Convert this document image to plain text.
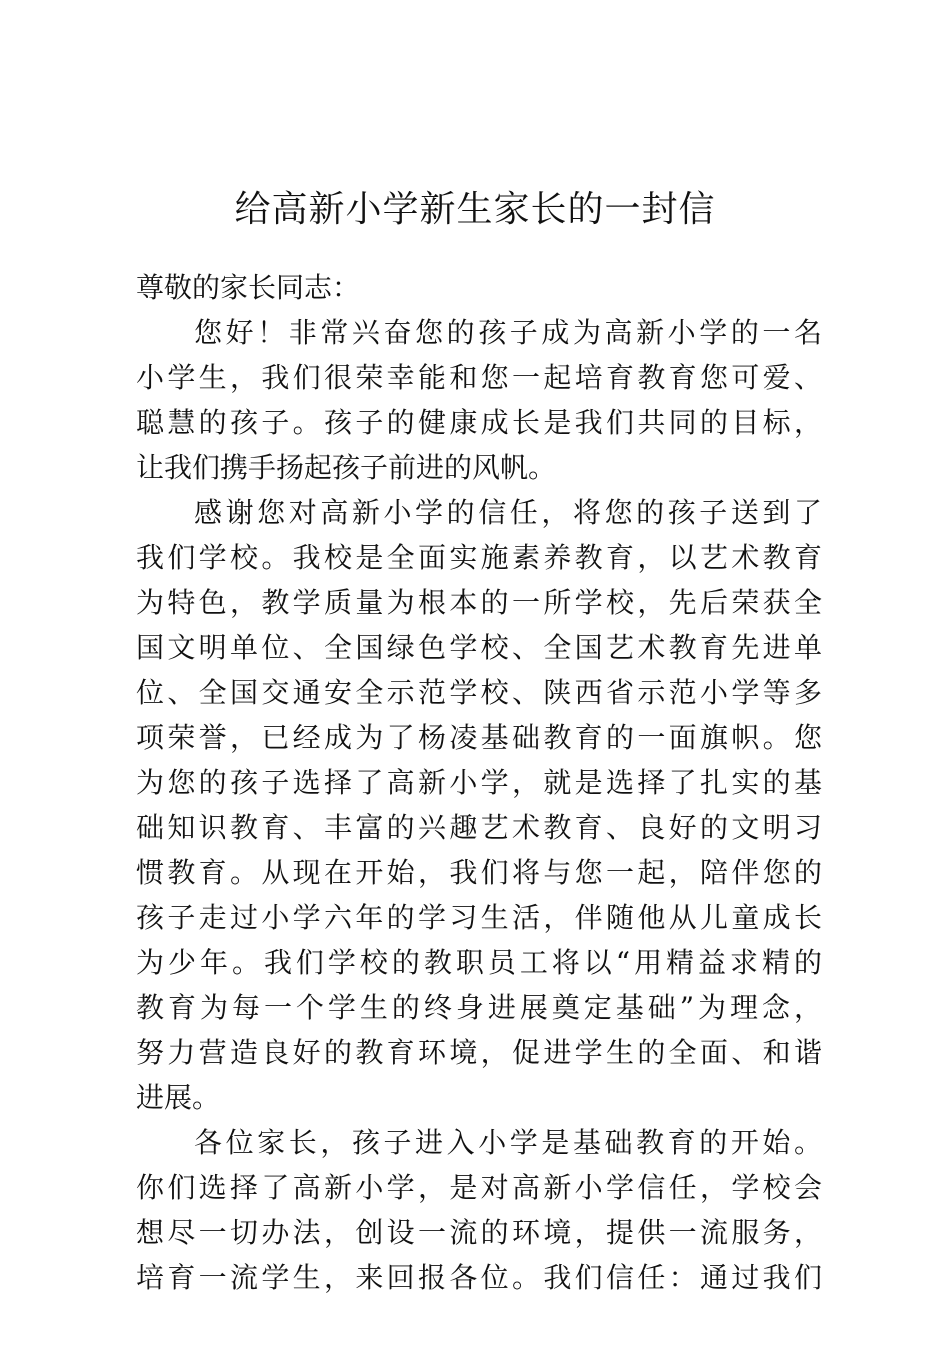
给高新小学新生家长的一封信
尊敬的家长同志：
您好！非常兴奋您的孩子成为高新小学的一名
小学生，我们很荣幸能和您一起培育教育您可爱、
聪慧的孩子。孩子的健康成长是我们共同的目标，
让我们携手扬起孩子前进的风帆。
感谢您对高新小学的信任，将您的孩子送到了
我们学校。我校是全面实施素养教育，以艺术教育
为特色，教学质量为根本的一所学校，先后荣获全
国文明单位、全国绿色学校、全国艺术教育先进单
位、全国交通安全示范学校、陕西省示范小学等多
项荣誉，已经成为了杨凌基础教育的一面旗帜。您
为您的孩子选择了高新小学，就是选择了扎实的基
础知识教育、丰富的兴趣艺术教育、良好的文明习
惯教育。从现在开始，我们将与您一起，陪伴您的
孩子走过小学六年的学习生活，伴随他从儿童成长
为少年。我们学校的教职员工将以“用精益求精的
教育为每一个学生的终身进展奠定基础”为理念，
努力营造良好的教育环境，促进学生的全面、和谐
进展。
各位家长，孩子进入小学是基础教育的开始。
你们选择了高新小学，是对高新小学信任，学校会
想尽一切办法，创设一流的环境，提供一流服务，
培育一流学生，来回报各位。我们信任：通过我们
